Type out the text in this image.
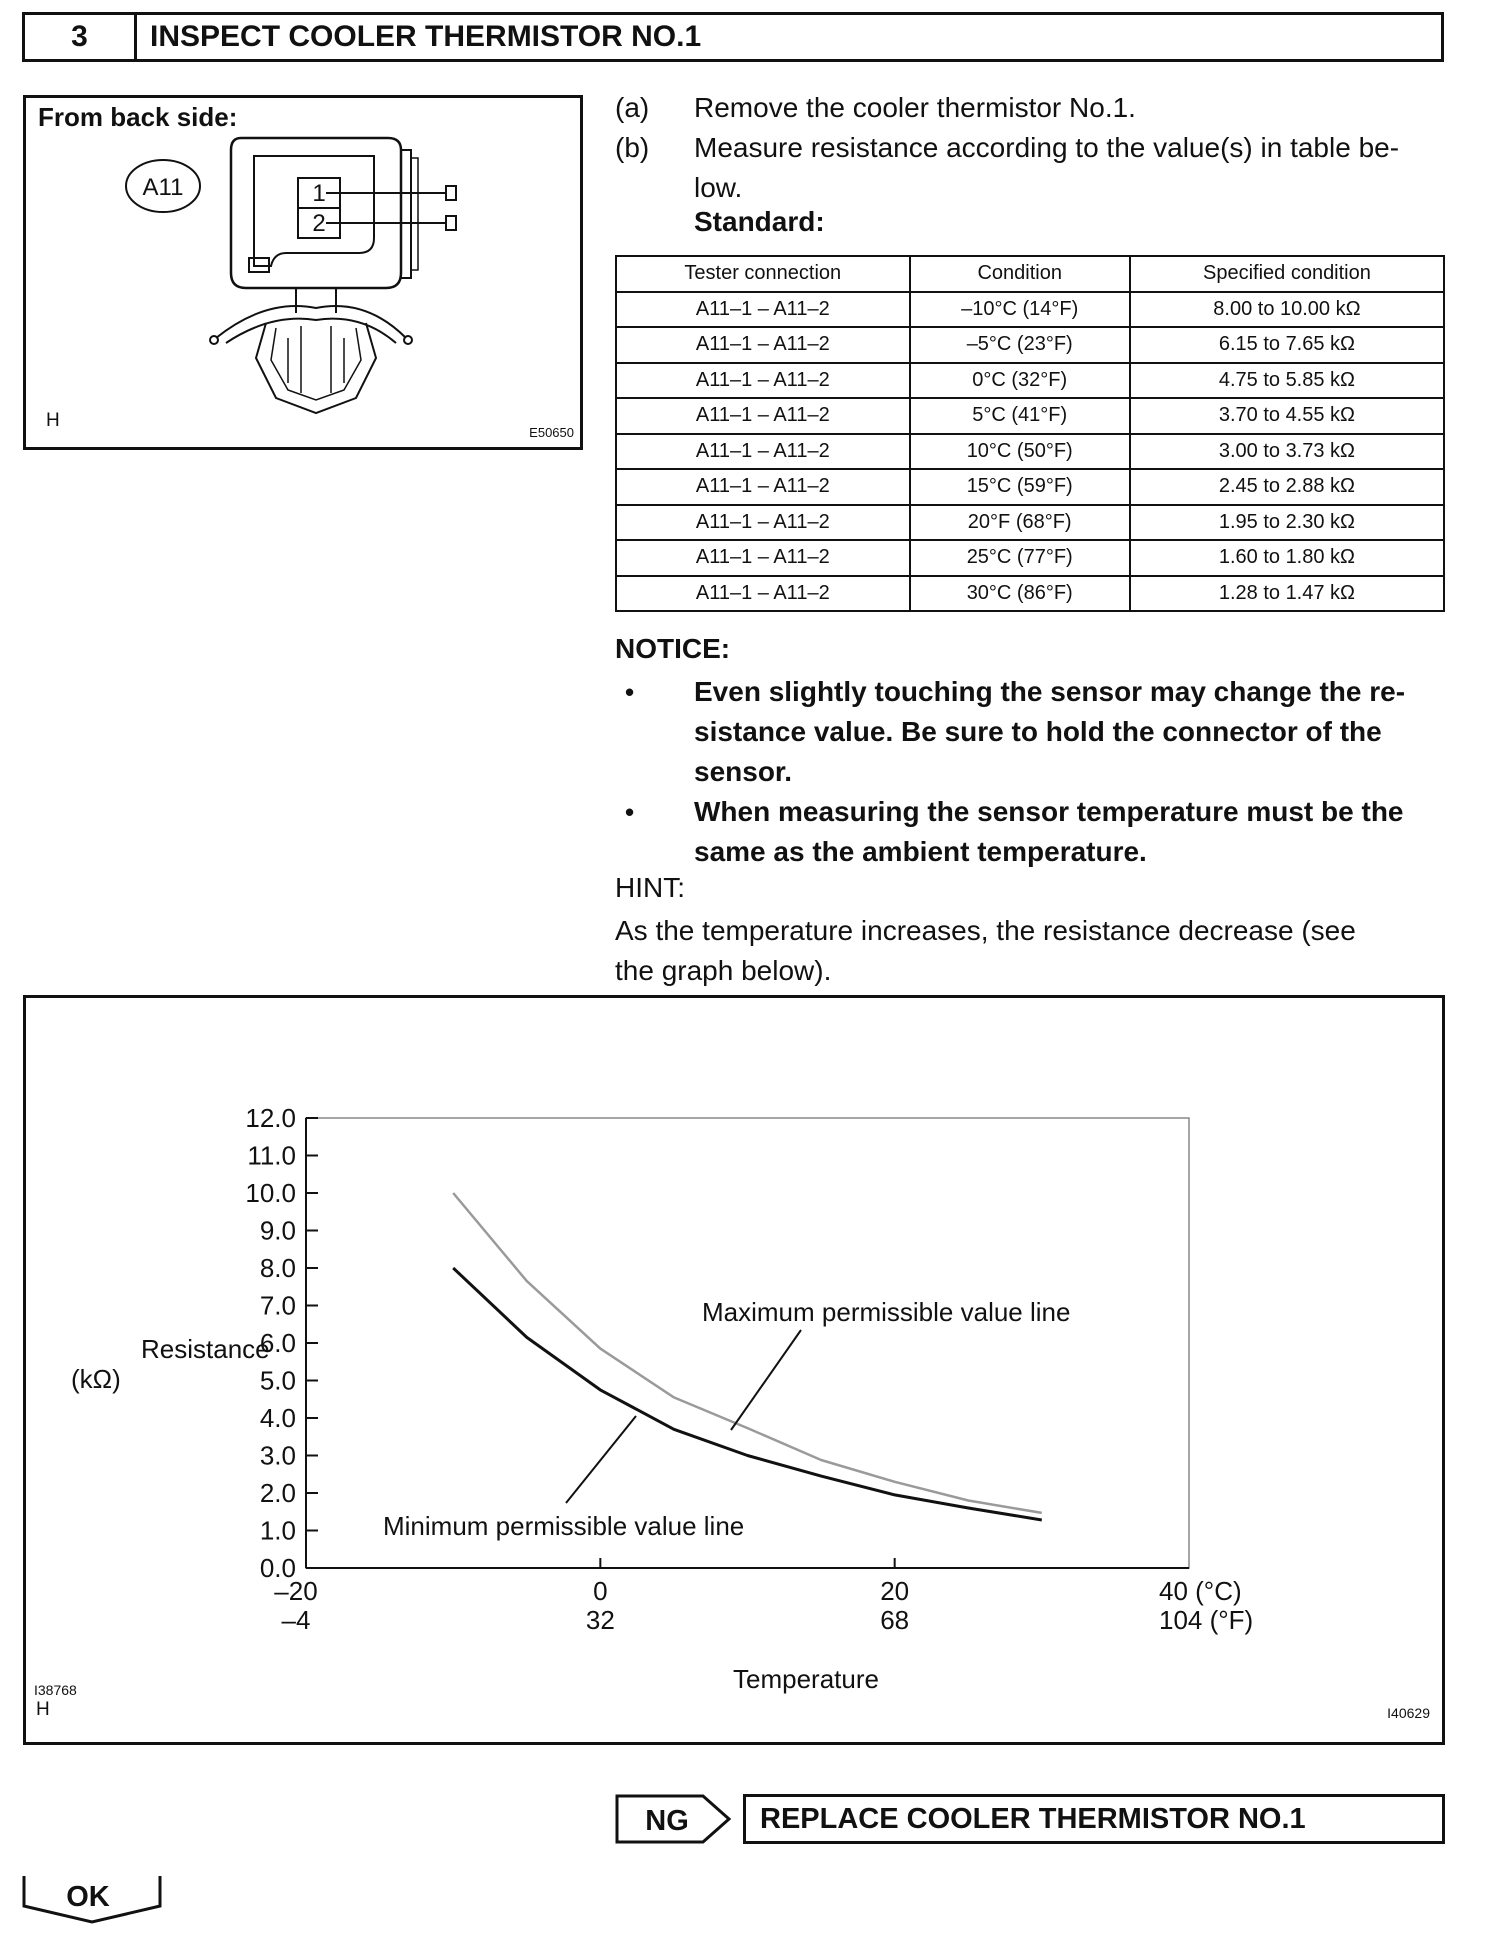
3	INSPECT COOLER THERMISTOR NO.1
From back side:
A11	1
2
H
E50650
(a) Remove the cooler thermistor No.1.
(b) Measure resistance according to the value(s) in table be-
low.
Standard:
Tester connection	Condition	Specified condition
A11–1 – A11–2	–10°C (14°F)	8.00 to 10.00 kΩ
A11–1 – A11–2	–5°C (23°F)	6.15 to 7.65 kΩ
A11–1 – A11–2	0°C (32°F)	4.75 to 5.85 kΩ
A11–1 – A11–2	5°C (41°F)	3.70 to 4.55 kΩ
A11–1 – A11–2	10°C (50°F)	3.00 to 3.73 kΩ
A11–1 – A11–2	15°C (59°F)	2.45 to 2.88 kΩ
A11–1 – A11–2	20°F (68°F)	1.95 to 2.30 kΩ
A11–1 – A11–2	25°C (77°F)	1.60 to 1.80 kΩ
A11–1 – A11–2	30°C (86°F)	1.28 to 1.47 kΩ
NOTICE:
• Even slightly touching the sensor may change the re-
sistance value. Be sure to hold the connector of the
sensor.
• When measuring the sensor temperature must be the
same as the ambient temperature.
HINT:
As the temperature increases, the resistance decrease (see
the graph below).
Resistance
(kΩ)
Temperature
Maximum permissible value line
Minimum permissible value line
I38768
H	I40629
0.0
1.0
2.0
3.0
4.0
5.0
6.0
7.0
8.0
9.0
10.0
11.0
12.0
–20
–4
0
32
20
68
40 (°C)
104 (°F)
NG	REPLACE COOLER THERMISTOR NO.1
OK
